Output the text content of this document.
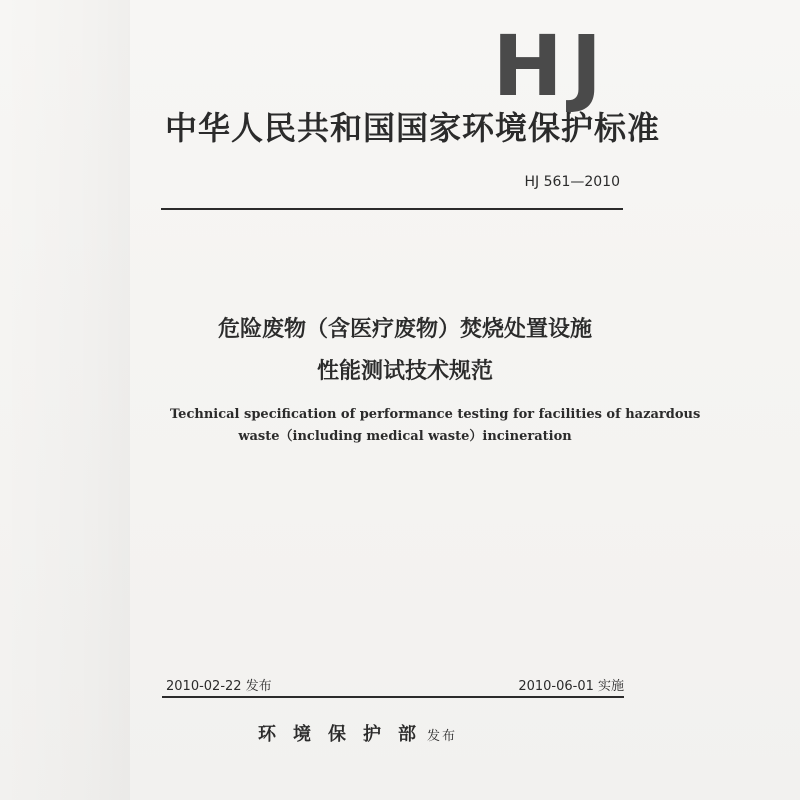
HJ
中华人民共和国国家环境保护标准
HJ 561—2010
危险废物（含医疗废物）焚烧处置设施
性能测试技术规范
Technical specification of performance testing for facilities of hazardous
waste（including medical waste）incineration
2010-02-22 发布	2010-06-01 实施
环境保护部发布
